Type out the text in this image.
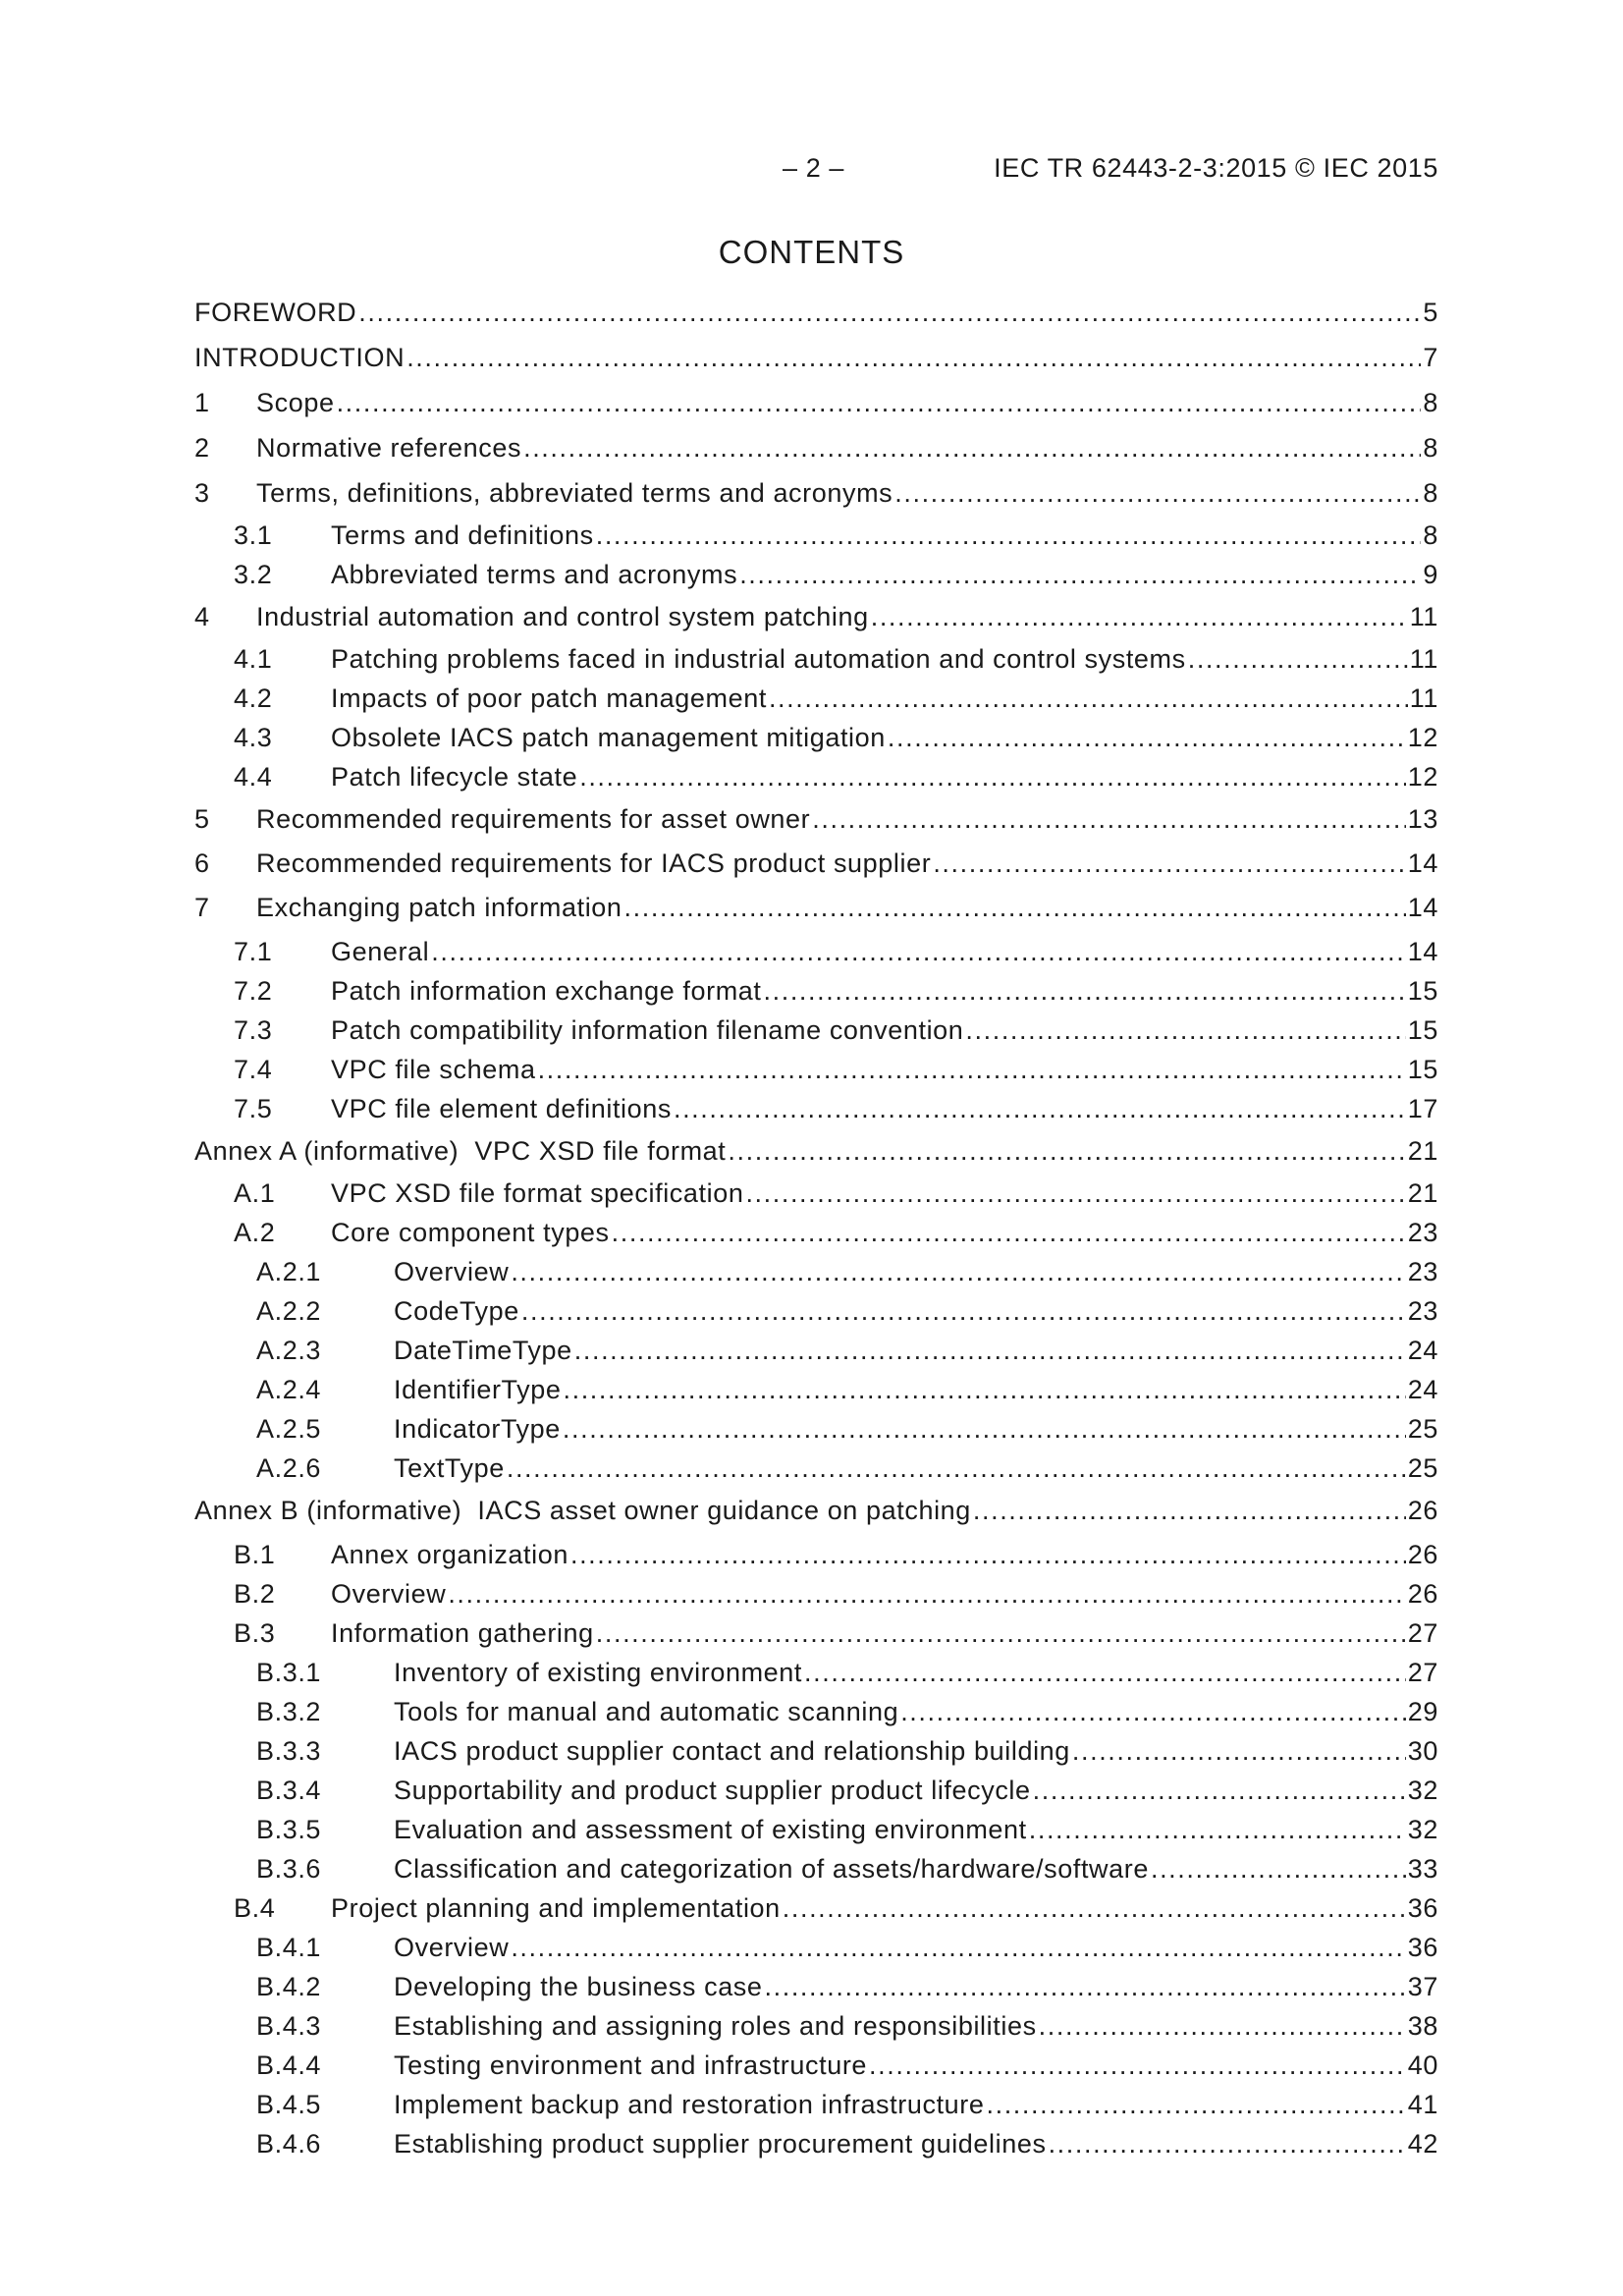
– 2 –	IEC TR 62443-2-3:2015 © IEC 2015
CONTENTS
FOREWORD .....	5
INTRODUCTION .....	7
1	Scope .....	8
2	Normative references .....	8
3	Terms, definitions, abbreviated terms and acronyms .....	8
3.1	Terms and definitions .....	8
3.2	Abbreviated terms and acronyms .....	9
4	Industrial automation and control system patching .....	11
4.1	Patching problems faced in industrial automation and control systems .....	11
4.2	Impacts of poor patch management .....	11
4.3	Obsolete IACS patch management mitigation .....	12
4.4	Patch lifecycle state .....	12
5	Recommended requirements for asset owner .....	13
6	Recommended requirements for IACS product supplier .....	14
7	Exchanging patch information .....	14
7.1	General .....	14
7.2	Patch information exchange format .....	15
7.3	Patch compatibility information filename convention .....	15
7.4	VPC file schema .....	15
7.5	VPC file element definitions .....	17
Annex A (informative)  VPC XSD file format .....	21
A.1	VPC XSD file format specification .....	21
A.2	Core component types .....	23
A.2.1	Overview .....	23
A.2.2	CodeType .....	23
A.2.3	DateTimeType .....	24
A.2.4	IdentifierType .....	24
A.2.5	IndicatorType .....	25
A.2.6	TextType .....	25
Annex B (informative)  IACS asset owner guidance on patching .....	26
B.1	Annex organization .....	26
B.2	Overview .....	26
B.3	Information gathering .....	27
B.3.1	Inventory of existing environment .....	27
B.3.2	Tools for manual and automatic scanning .....	29
B.3.3	IACS product supplier contact and relationship building .....	30
B.3.4	Supportability and product supplier product lifecycle .....	32
B.3.5	Evaluation and assessment of existing environment .....	32
B.3.6	Classification and categorization of assets/hardware/software .....	33
B.4	Project planning and implementation .....	36
B.4.1	Overview .....	36
B.4.2	Developing the business case .....	37
B.4.3	Establishing and assigning roles and responsibilities .....	38
B.4.4	Testing environment and infrastructure .....	40
B.4.5	Implement backup and restoration infrastructure .....	41
B.4.6	Establishing product supplier procurement guidelines .....	42
